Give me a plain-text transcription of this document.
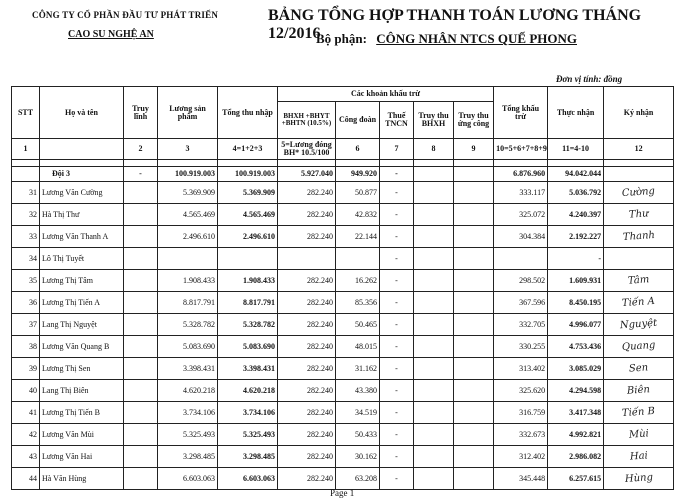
CÔNG TY CỔ PHẦN ĐẦU TƯ PHÁT TRIỂN
CAO SU NGHỆ AN
BẢNG TỔNG HỢP THANH TOÁN LƯƠNG THÁNG 12/2016
Bộ phận: CÔNG NHÂN NTCS QUẾ PHONG
Đơn vị tính: đồng
STT	Họ và tên	Truy lĩnh	Lương sản phẩm	Tổng thu nhập	Các khoản khấu trừ					Tổng khấu trừ	Thực nhận	Ký nhận
					BHXH +BHYT +BHTN (10.5%)	Công đoàn	Thuế TNCN	Truy thu BHXH	Truy thu ứng công			
1		2	3	4=1+2+3	5=Lương đóng BH* 10.5/100	6	7	8	9	10=5+6+7+8+9	11=4-10	12

	Đội 3	-	100.919.003	100.919.003	5.927.040	949.920	-			6.876.960	94.042.044	
31	Lương Văn Cường		5.369.909	5.369.909	282.240	50.877	-			333.117	5.036.792	Cường
32	Hà Thị Thư		4.565.469	4.565.469	282.240	42.832	-			325.072	4.240.397	Thư
33	Lương Văn Thanh A		2.496.610	2.496.610	282.240	22.144	-			304.384	2.192.227	Thanh
34	Lô Thị Tuyết						-				-	
35	Lương Thị Tâm		1.908.433	1.908.433	282.240	16.262	-			298.502	1.609.931	Tâm
36	Lương Thị Tiến A		8.817.791	8.817.791	282.240	85.356	-			367.596	8.450.195	Tiến A
37	Lang Thị Nguyệt		5.328.782	5.328.782	282.240	50.465	-			332.705	4.996.077	Nguyệt
38	Lương Văn Quang B		5.083.690	5.083.690	282.240	48.015	-			330.255	4.753.436	Quang
39	Lương Thị Sen		3.398.431	3.398.431	282.240	31.162	-			313.402	3.085.029	Sen
40	Lang Thị Biên		4.620.218	4.620.218	282.240	43.380	-			325.620	4.294.598	Biên
41	Lương Thị Tiến B		3.734.106	3.734.106	282.240	34.519	-			316.759	3.417.348	Tiến B
42	Lương Văn Mùi		5.325.493	5.325.493	282.240	50.433	-			332.673	4.992.821	Mùi
43	Lương Văn Hai		3.298.485	3.298.485	282.240	30.162	-			312.402	2.986.082	Hai
44	Hà Văn Hùng		6.603.063	6.603.063	282.240	63.208	-			345.448	6.257.615	Hùng
Page 1
